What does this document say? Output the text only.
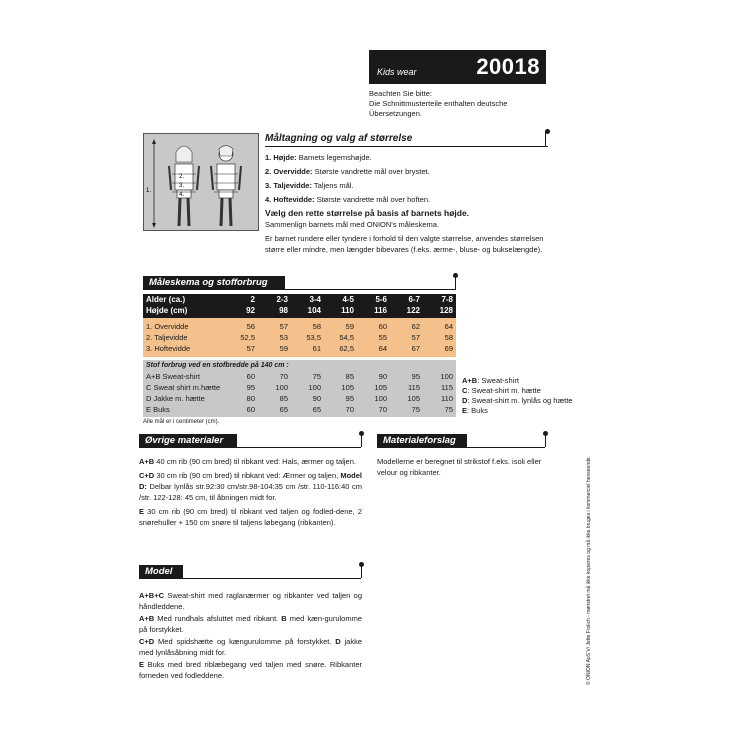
Kids wear	20018
Beachten Sie bitte:
Die Schnittmusterteile enthalten deutsche
Übersetzungen.
1.
2.
3.
4.
Måltagning og valg af størrelse

1. Højde: Barnets legemshøjde.

2. Overvidde: Største vandrette mål over brystet.

3. Taljevidde: Taljens mål.

4. Hoftevidde: Største vandrette mål over hoften.

Vælg den rette størrelse på basis af barnets højde.

Sammenlign barnets mål med ONION's måleskema.

Er barnet rundere eller tyndere i forhold til den valgte størrelse, anvendes størrelsen større eller mindre, men længder bibevares (f.eks. ærme-, bluse- og bukselængde).

Måleskema og stofforbrug
Alder (ca.)	2	2-3	3-4	4-5	5-6	6-7	7-8
Højde (cm)	92	98	104	110	116	122	128
1. Overvidde	56	57	58	59	60	62	64
2. Taljevidde	52,5	53	53,5	54,5	55	57	58
3. Hoftevidde	57	59	61	62,5	64	67	69
Stof forbrug ved en stofbredde på 140 cm :
A+B Sweat-shirt	60	70	75	85	90	95	100
C Sweat shirt m.hætte	95	100	100	105	105	115	115
D Jakke m. hætte	80	85	90	95	100	105	110
E Buks	60	65	65	70	70	75	75
Alle mål er i centimeter (cm).
A+B: Sweat-shirt
C: Sweat-shirt m. hætte
D: Sweat-shirt m. lynlås og hætte
E: Buks
Øvrige materialer

A+B 40 cm rib (90 cm bred) til ribkant ved: Hals, ærmer og taljen.

C+D 30 cm rib (90 cm bred) til ribkant ved: Ærmer og taljen, Model D: Delbar lynlås str.92:30 cm/str.98-104:35 cm /str. 110-116:40 cm /str. 122-128: 45 cm, til åbningen midt for.

E 30 cm rib (90 cm bred) til ribkant ved taljen og fodled-dene, 2 snørehuller + 150 cm snøre til taljens løbegang (ribkanten).

Materialeforslag
Modellerne er beregnet til strikstof f.eks. isoli eller velour og ribkanter.
Model

A+B+C Sweat-shirt med raglanærmer og ribkanter ved taljen og håndleddene.

A+B Med rundhals afsluttet med ribkant. B med kæn-gurulomme på forstykket.

C+D Med spidshætte og kængurulomme på forstykket. D jakke med lynlåsåbning midt for.

E Buks med bred riblæbegang ved taljen med snøre. Ribkanter forneden ved fodleddene.	© ONION ApS V/ Jette Frolich - mønstret må ikke kopieres og må ikke bruges i kommerciel henseende.
